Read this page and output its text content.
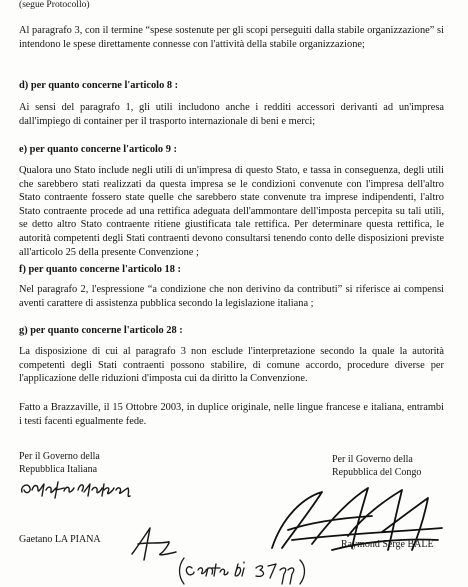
(segue Protocollo)

Al paragrafo 3, con il termine “spese sostenute per gli scopi perseguiti dalla stabile organizzazione” si intendono le spese direttamente connesse con l'attività della stabile organizzazione;

d) per quanto concerne l'articolo 8 :

Ai sensi del paragrafo 1, gli utili includono anche i redditi accessori derivanti ad un'impresa dall'impiego di container per il trasporto internazionale di beni e merci;

e) per quanto concerne l'articolo 9 :

Qualora uno Stato include negli utili di un'impresa di questo Stato, e tassa in conseguenza, degli utili che sarebbero stati realizzati da questa impresa se le condizioni convenute con l'impresa dell'altro Stato contraente fossero state quelle che sarebbero state convenute tra imprese indipendenti, l'altro Stato contraente procede ad una rettifica adeguata dell'ammontare dell'imposta percepita su tali utili, se detto altro Stato contraente ritiene giustificata tale rettifica. Per determinare questa rettifica, le autorità competenti degli Stati contraenti devono consultarsi tenendo conto delle disposizioni previste all'articolo 25 della presente Convenzione ;

f) per quanto concerne l'articolo 18 :

Nel paragrafo 2, l'espressione “a condizione che non derivino da contributi” si riferisce ai compensi aventi carattere di assistenza pubblica secondo la legislazione italiana ;

g) per quanto concerne l'articolo 28 :

La disposizione di cui al paragrafo 3 non esclude l'interpretazione secondo la quale la autorità competenti degli Stati contraenti possono stabilire, di comune accordo, procedure diverse per l'applicazione delle riduzioni d'imposta cui da diritto la Convenzione.

Fatto a Brazzaville, il 15 Ottobre 2003, in duplice originale, nelle lingue francese e italiana, entrambi i testi facenti egualmente fede.

Per il Governo della

Repubblica Italiana

Gaetano LA PIANA

Per il Governo della

Repubblica del Congo

Raymond Serge BALE
